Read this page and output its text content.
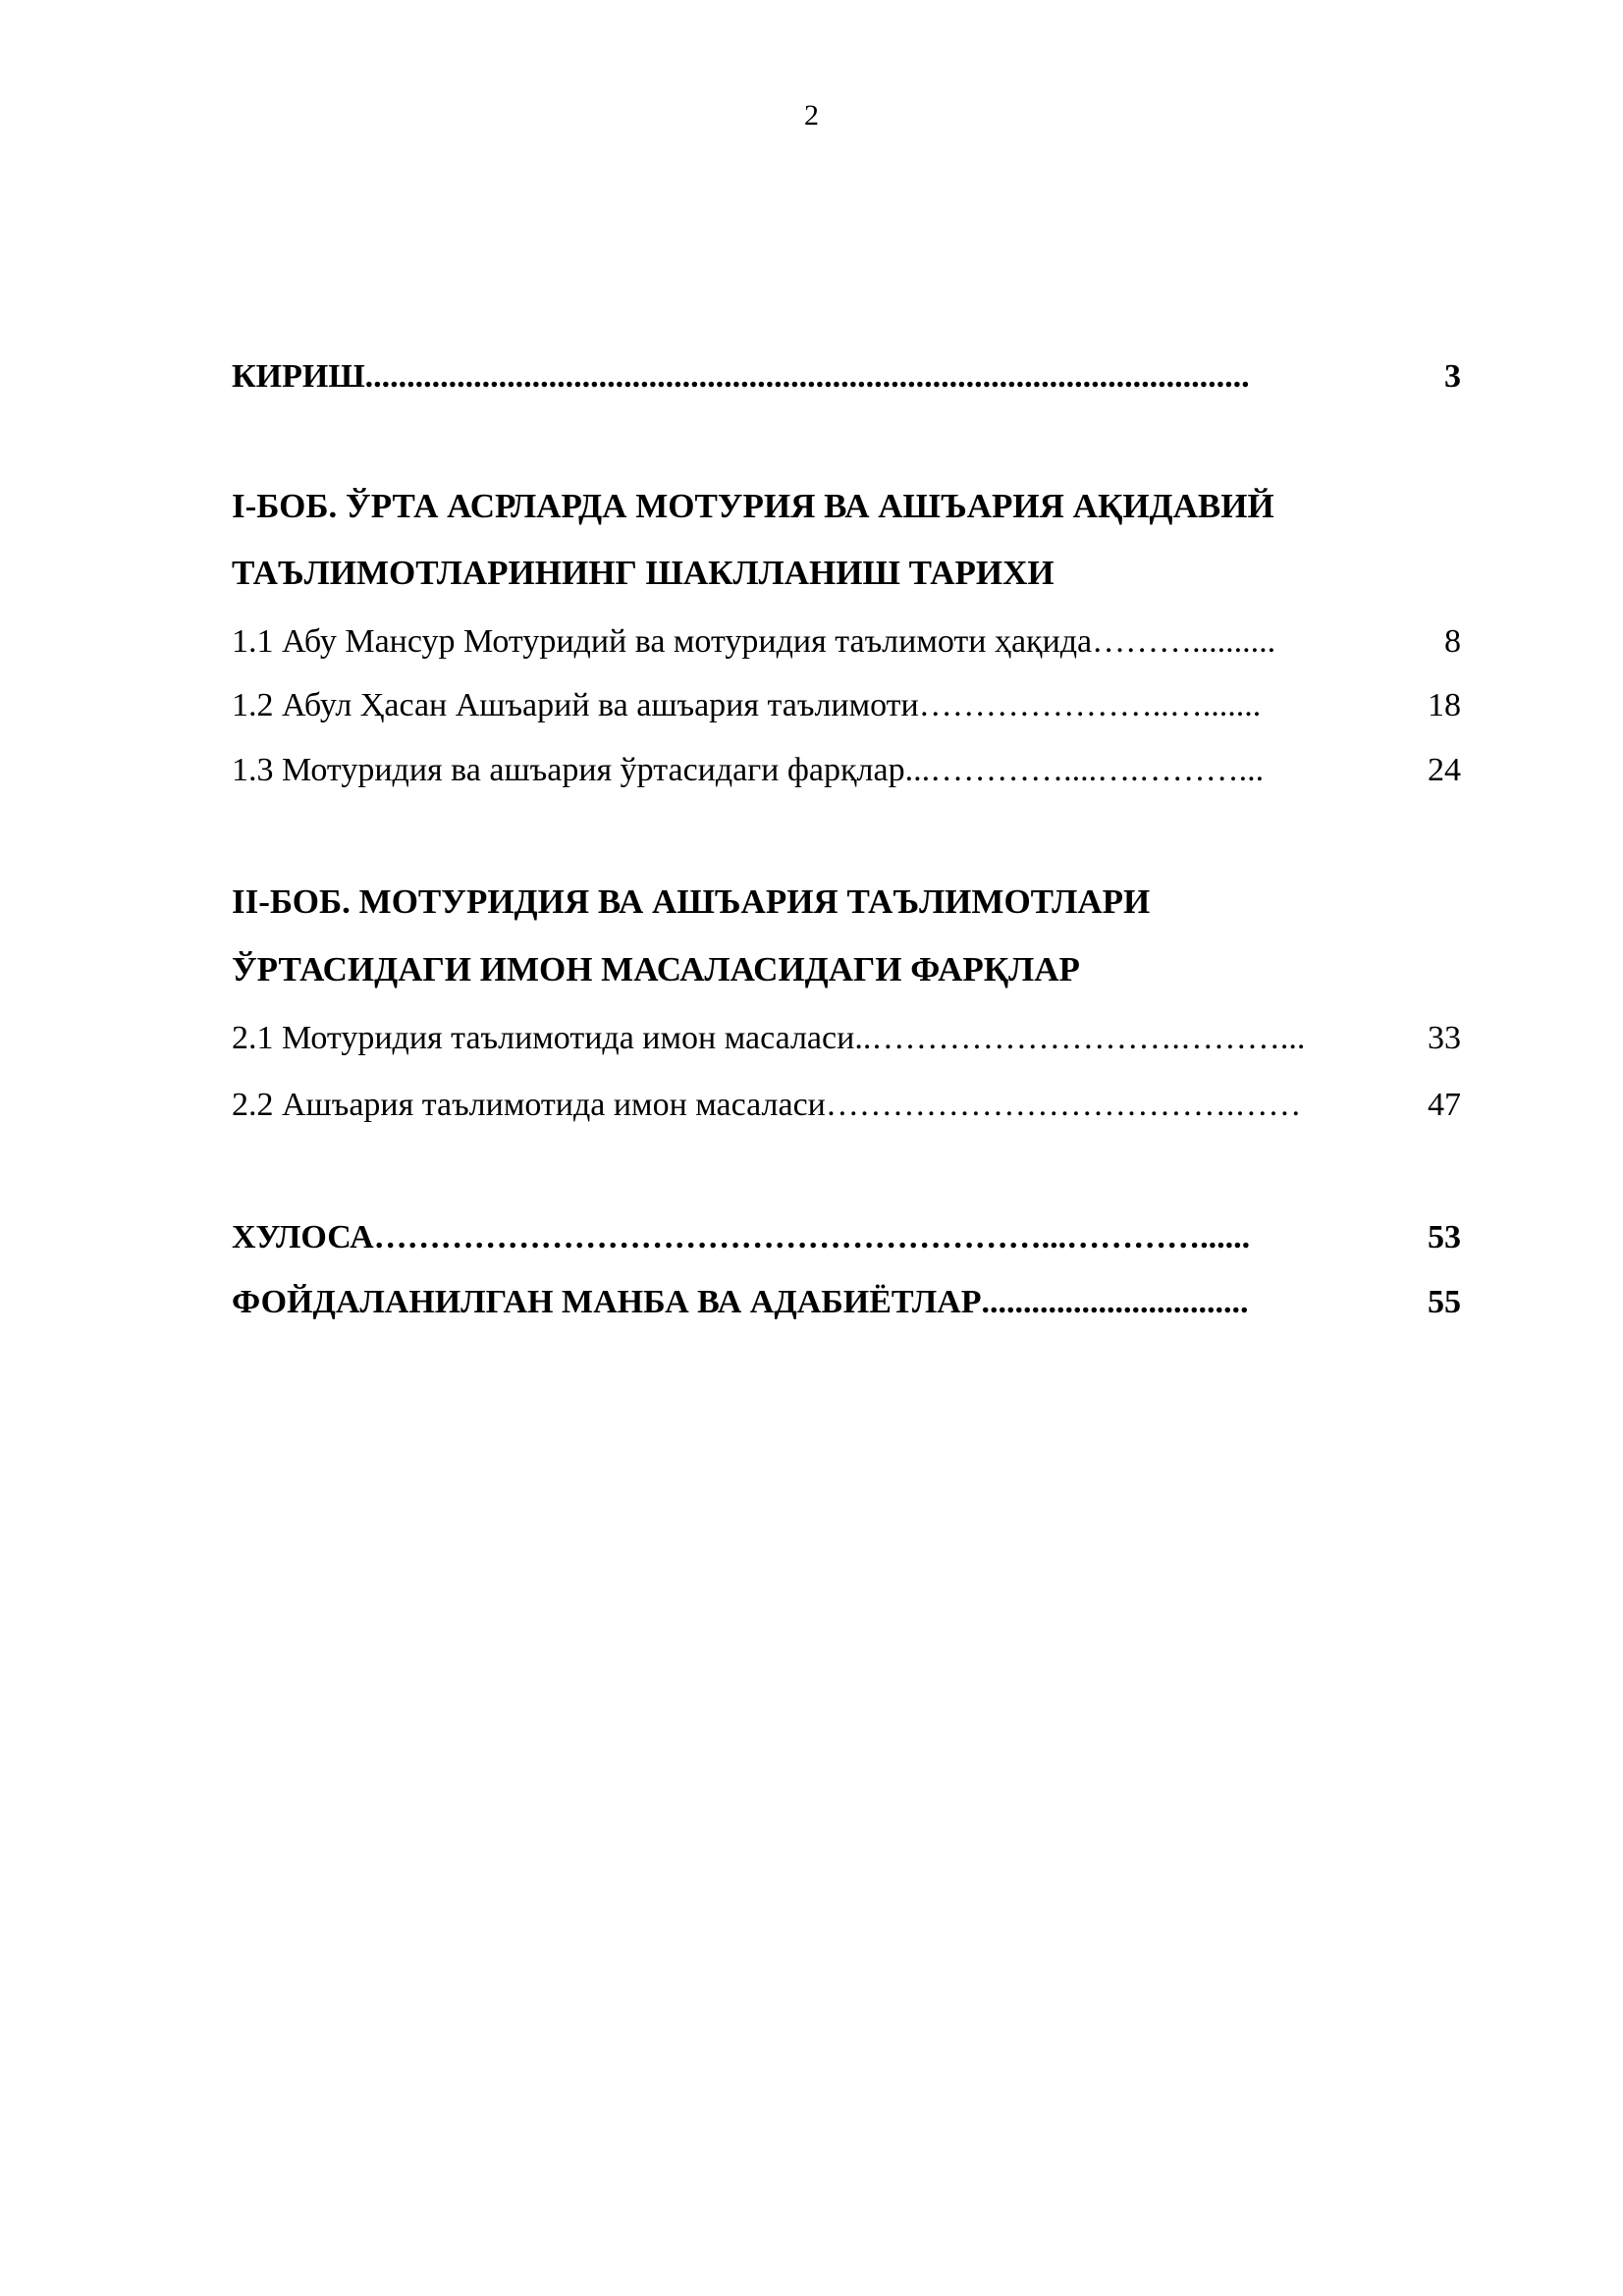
2
КИРИШ ..........................................................................................................	3
I-БОБ. ЎРТА АСРЛАРДА МОТУРИЯ ВА АШЪАРИЯ АҚИДАВИЙ
ТАЪЛИМОТЛАРИНИНГ ШАКЛЛАНИШ ТАРИХИ
1.1 Абу Мансур Мотуридий ва мотуридия таълимоти ҳақида ………..........	8
1.2 Абул Ҳасан Ашъарий ва ашъария таълимоти …………………..….......	18
1.3 Мотуридия ва ашъария ўртасидаги фарқлар ...…………....….………...	24
II-БОБ. МОТУРИДИЯ ВА АШЪАРИЯ ТАЪЛИМОТЛАРИ
ЎРТАСИДАГИ ИМОН МАСАЛАСИДАГИ ФАРҚЛАР
2.1 Мотуридия таълимотида имон масаласи ..……………………….………...	33
2.2 Ашъария таълимотида имон масаласи ……………………………….……	47
ХУЛОСА ……………………………………………………...…………......	53
ФОЙДАЛАНИЛГАН МАНБА ВА АДАБИЁТЛАР ................................	55
